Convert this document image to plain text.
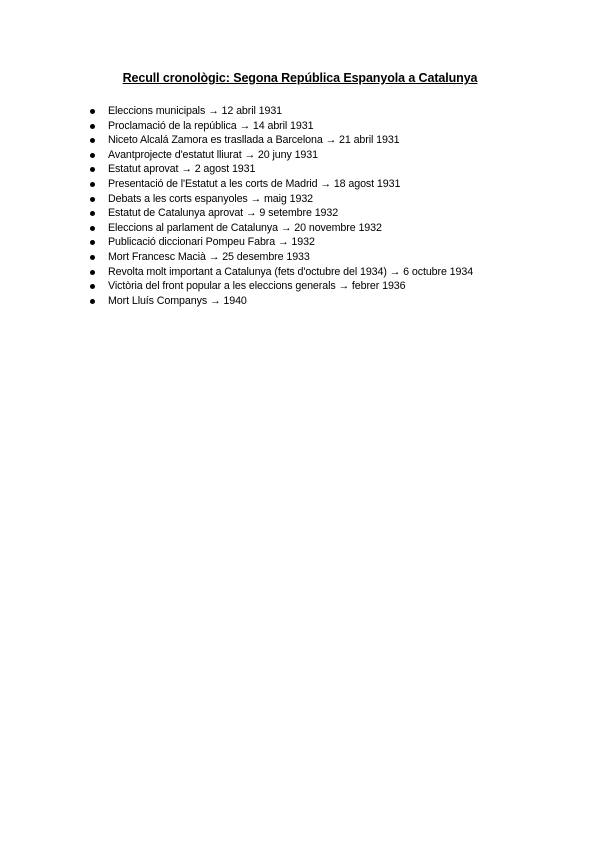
Recull cronològic: Segona República Espanyola a Catalunya
Eleccions municipals → 12 abril 1931
Proclamació de la república → 14 abril 1931
Niceto Alcalá Zamora es trasllada a Barcelona → 21 abril 1931
Avantprojecte d'estatut lliurat → 20 juny 1931
Estatut aprovat → 2 agost 1931
Presentació de l'Estatut a les corts de Madrid → 18 agost 1931
Debats a les corts espanyoles → maig 1932
Estatut de Catalunya aprovat → 9 setembre 1932
Eleccions al parlament de Catalunya → 20 novembre 1932
Publicació diccionari Pompeu Fabra → 1932
Mort Francesc Macià → 25 desembre 1933
Revolta molt important a Catalunya (fets d'octubre del 1934) → 6 octubre 1934
Victòria del front popular a les eleccions generals → febrer 1936
Mort Lluís Companys → 1940
